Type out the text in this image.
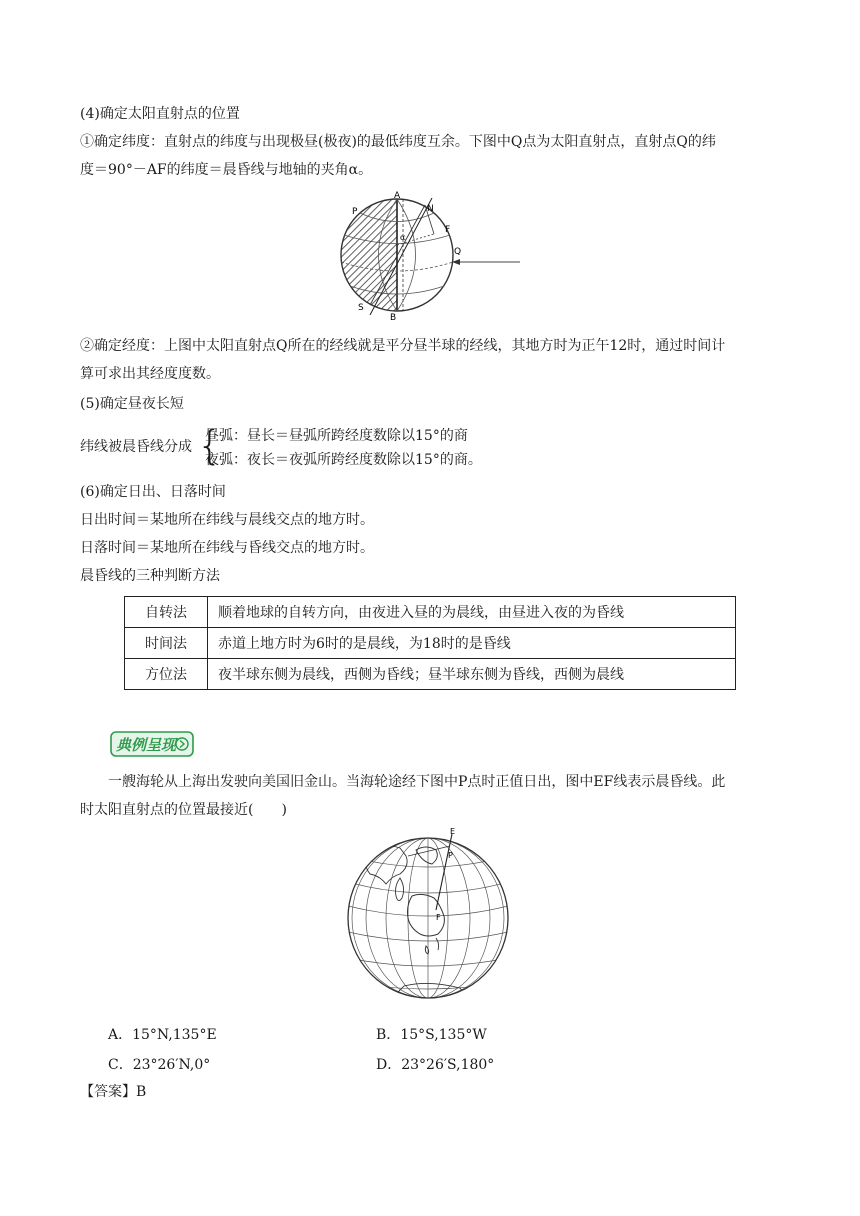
(4)确定太阳直射点的位置
①确定纬度：直射点的纬度与出现极昼(极夜)的最低纬度互余。下图中Q点为太阳直射点，直射点Q的纬
度＝90°－AF的纬度＝晨昏线与地轴的夹角α。
P
A
N
α
F
Q
S
B
②确定经度：上图中太阳直射点Q所在的经线就是平分昼半球的经线，其地方时为正午12时，通过时间计
算可求出其经度度数。
(5)确定昼夜长短
纬线被晨昏线分成 {
昼弧：昼长＝昼弧所跨经度数除以15°的商
夜弧：夜长＝夜弧所跨经度数除以15°的商。
(6)确定日出、日落时间
日出时间＝某地所在纬线与晨线交点的地方时。
日落时间＝某地所在纬线与昏线交点的地方时。
晨昏线的三种判断方法
自转法	顺着地球的自转方向，由夜进入昼的为晨线，由昼进入夜的为昏线
时间法	赤道上地方时为6时的是晨线，为18时的是昏线
方位法	夜半球东侧为晨线，西侧为昏线；昼半球东侧为昏线，西侧为晨线
典例呈现
一艘海轮从上海出发驶向美国旧金山。当海轮途经下图中P点时正值日出，图中EF线表示晨昏线。此
时太阳直射点的位置最接近(　　)
E
P
F
A．15°N,135°E	B．15°S,135°W
C．23°26′N,0°	D．23°26′S,180°
【答案】B
